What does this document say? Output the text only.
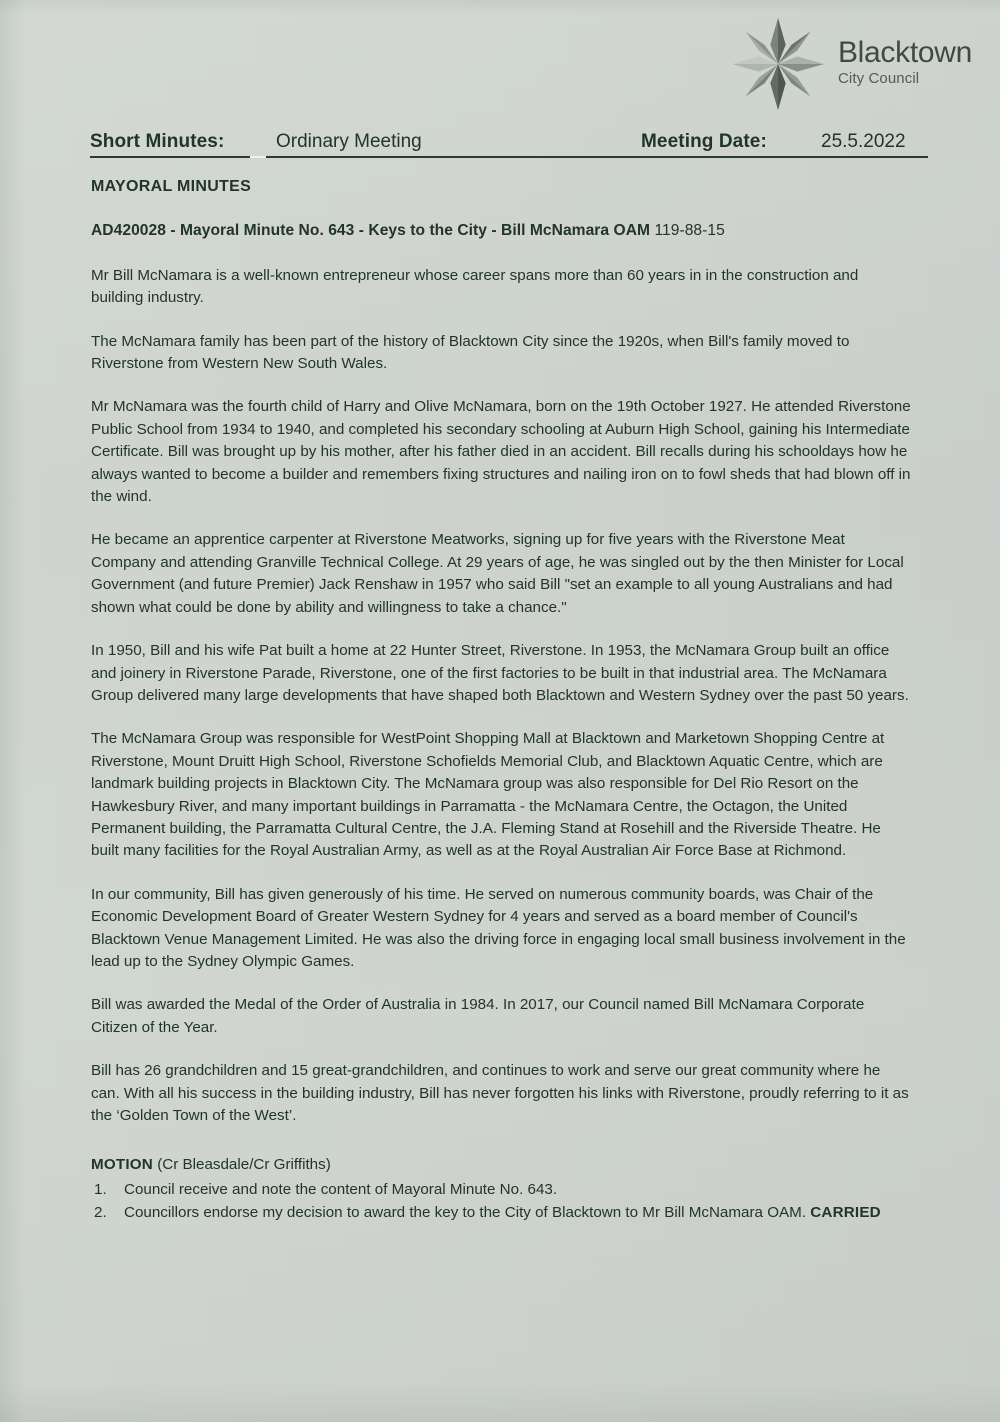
Blacktown
City Council
Short Minutes:	Ordinary Meeting	Meeting Date:	25.5.2022
MAYORAL MINUTES
AD420028 - Mayoral Minute No. 643 - Keys to the City - Bill McNamara OAM 119-88-15

Mr Bill McNamara is a well-known entrepreneur whose career spans more than 60 years in in the construction and building industry.

The McNamara family has been part of the history of Blacktown City since the 1920s, when Bill's family moved to Riverstone from Western New South Wales.

Mr McNamara was the fourth child of Harry and Olive McNamara, born on the 19th October 1927. He attended Riverstone Public School from 1934 to 1940, and completed his secondary schooling at Auburn High School, gaining his Intermediate Certificate. Bill was brought up by his mother, after his father died in an accident. Bill recalls during his schooldays how he always wanted to become a builder and remembers fixing structures and nailing iron on to fowl sheds that had blown off in the wind.

He became an apprentice carpenter at Riverstone Meatworks, signing up for five years with the Riverstone Meat Company and attending Granville Technical College. At 29 years of age, he was singled out by the then Minister for Local Government (and future Premier) Jack Renshaw in 1957 who said Bill "set an example to all young Australians and had shown what could be done by ability and willingness to take a chance."

In 1950, Bill and his wife Pat built a home at 22 Hunter Street, Riverstone. In 1953, the McNamara Group built an office and joinery in Riverstone Parade, Riverstone, one of the first factories to be built in that industrial area. The McNamara Group delivered many large developments that have shaped both Blacktown and Western Sydney over the past 50 years.

The McNamara Group was responsible for WestPoint Shopping Mall at Blacktown and Marketown Shopping Centre at Riverstone, Mount Druitt High School, Riverstone Schofields Memorial Club, and Blacktown Aquatic Centre, which are landmark building projects in Blacktown City. The McNamara group was also responsible for Del Rio Resort on the Hawkesbury River, and many important buildings in Parramatta - the McNamara Centre, the Octagon, the United Permanent building, the Parramatta Cultural Centre, the J.A. Fleming Stand at Rosehill and the Riverside Theatre. He built many facilities for the Royal Australian Army, as well as at the Royal Australian Air Force Base at Richmond.

In our community, Bill has given generously of his time. He served on numerous community boards, was Chair of the Economic Development Board of Greater Western Sydney for 4 years and served as a board member of Council's Blacktown Venue Management Limited. He was also the driving force in engaging local small business involvement in the lead up to the Sydney Olympic Games.

Bill was awarded the Medal of the Order of Australia in 1984. In 2017, our Council named Bill McNamara Corporate Citizen of the Year.

Bill has 26 grandchildren and 15 great-grandchildren, and continues to work and serve our great community where he can. With all his success in the building industry, Bill has never forgotten his links with Riverstone, proudly referring to it as the ‘Golden Town of the West’.

MOTION (Cr Bleasdale/Cr Griffiths)

1. Council receive and note the content of Mayoral Minute No. 643.
2. Councillors endorse my decision to award the key to the City of Blacktown to Mr Bill McNamara OAM. CARRIED
